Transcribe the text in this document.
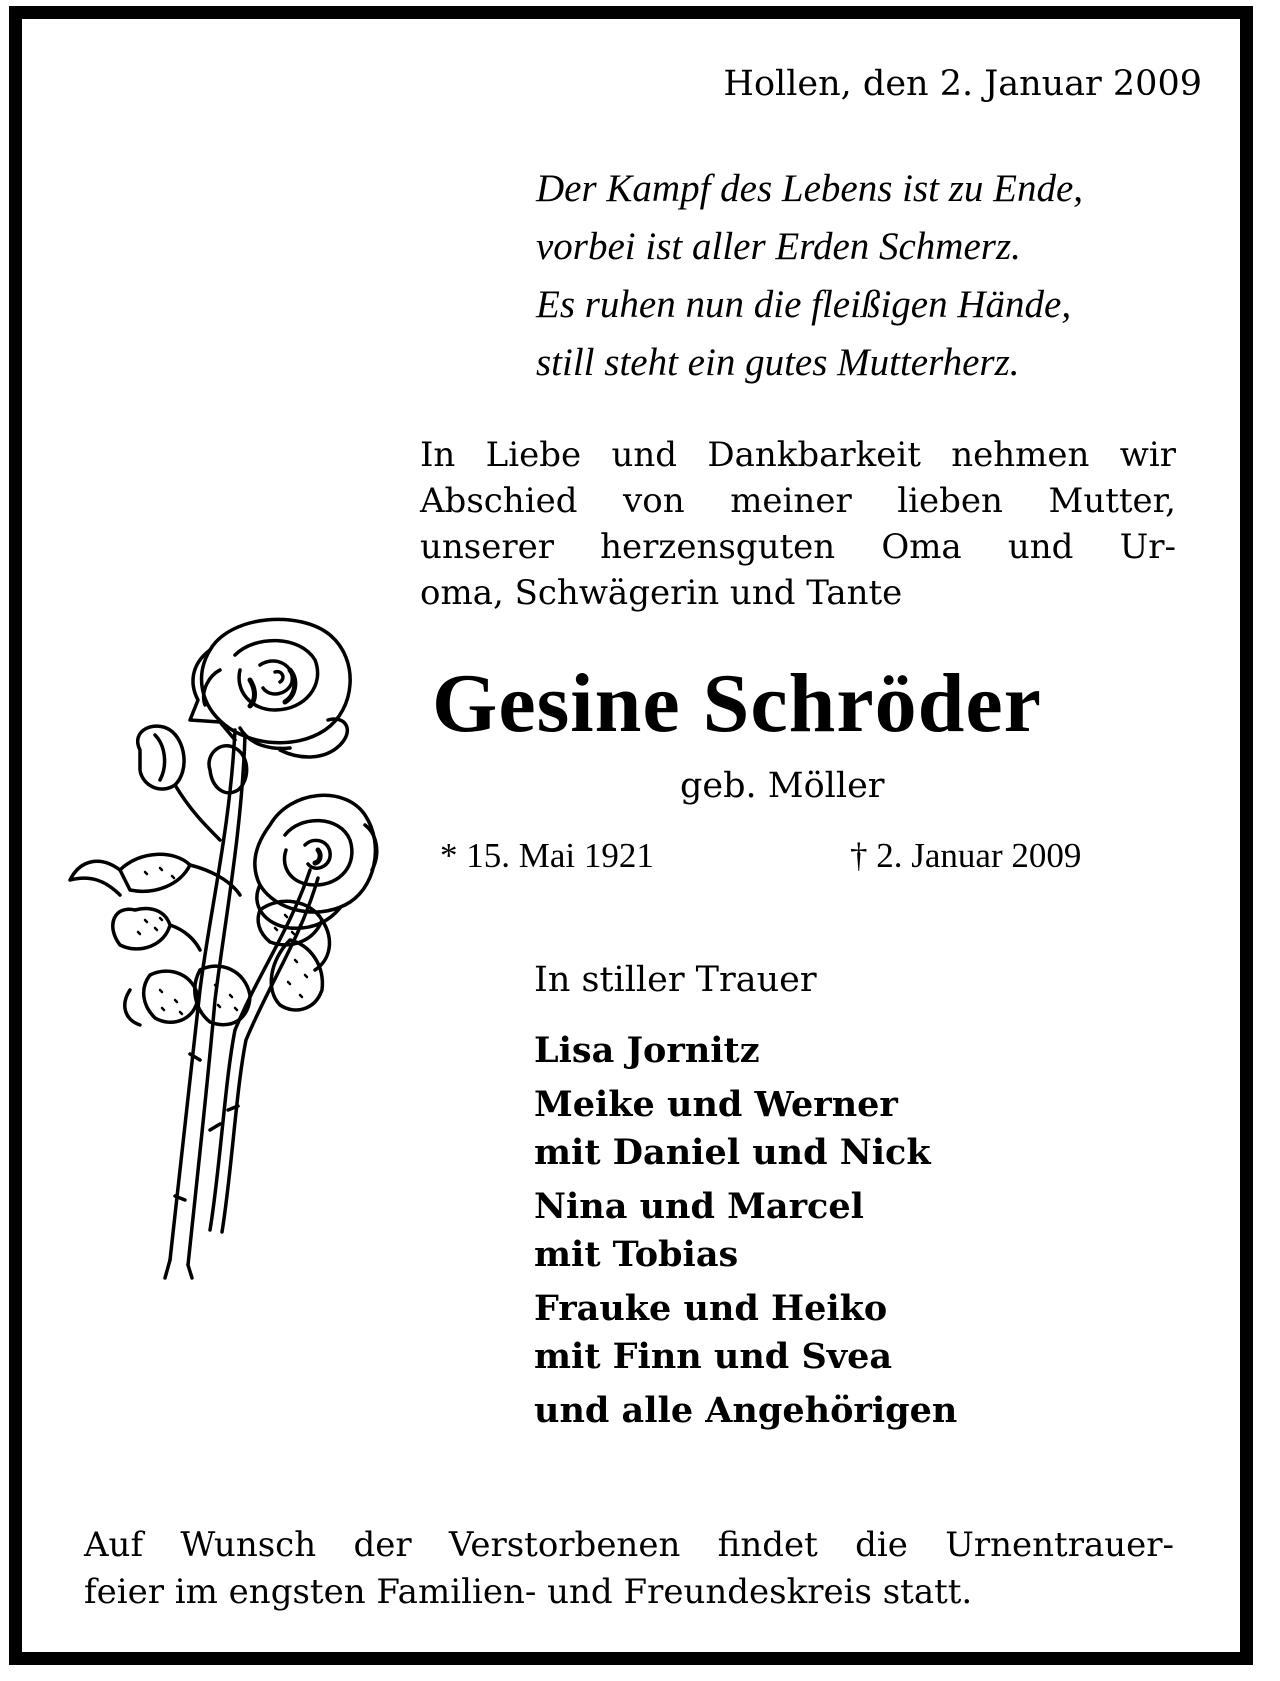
Hollen, den 2. Januar 2009

Der Kampf des Lebens ist zu Ende,
vorbei ist aller Erden Schmerz.
Es ruhen nun die fleißigen Hände,
still steht ein gutes Mutterherz.
In Liebe und Dankbarkeit nehmen wir
Abschied von meiner lieben Mutter,
unserer herzensguten Oma und Ur-
oma, Schwägerin und Tante

Gesine Schröder

geb. Möller

* 15. Mai 1921	† 2. Januar 2009

In stiller Trauer

Lisa Jornitz
Meike und Werner
mit Daniel und Nick
Nina und Marcel
mit Tobias
Frauke und Heiko
mit Finn und Svea
und alle Angehörigen
Auf Wunsch der Verstorbenen findet die Urnentrauer-
feier im engsten Familien- und Freundeskreis statt.
